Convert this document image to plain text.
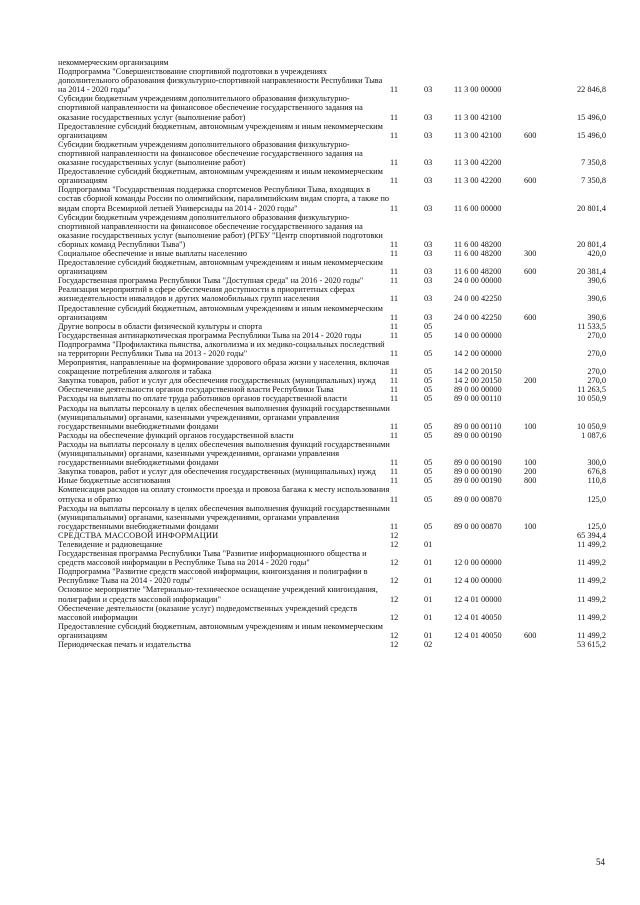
некоммерческим организациям					
Подпрограмма "Совершенствование спортивной подготовки в учреждениях дополнительного образования физкультурно-спортивной направленности Республики Тыва на 2014 - 2020 годы"	11	03	11 3 00 00000		22 846,8
Субсидии бюджетным учреждениям дополнительного образования физкультурно-спортивной направленности на финансовое обеспечение государственного задания на оказание государственных услуг (выполнение работ)	11	03	11 3 00 42100		15 496,0
Предоставление субсидий бюджетным, автономным учреждениям и иным некоммерческим организациям	11	03	11 3 00 42100	600	15 496,0
Субсидии бюджетным учреждениям дополнительного образования физкультурно-спортивной направленности на финансовое обеспечение государственного задания на оказание государственных услуг (выполнение работ)	11	03	11 3 00 42200		7 350,8
Предоставление субсидий бюджетным, автономным учреждениям и иным некоммерческим организациям	11	03	11 3 00 42200	600	7 350,8
Подпрограмма "Государственная поддержка спортсменов Республики Тыва, входящих в состав сборной команды России по олимпийским, паралимпийским видам спорта, а также по видам спорта Всемирной летней Универсиады на 2014 - 2020 годы"	11	03	11 6 00 00000		20 801,4
Субсидии бюджетным учреждениям дополнительного образования физкультурно-спортивной направленности на финансовое обеспечение государственного задания на оказание государственных услуг (выполнение работ) (РГБУ "Центр спортивной подготовки сборных команд Республики Тыва")	11	03	11 6 00 48200		20 801,4
Социальное обеспечение и иные выплаты населению	11	03	11 6 00 48200	300	420,0
Предоставление субсидий бюджетным, автономным учреждениям и иным некоммерческим организациям	11	03	11 6 00 48200	600	20 381,4
Государственная программа Республики Тыва "Доступная среда" на 2016 - 2020 годы"	11	03	24 0 00 00000		390,6
Реализация мероприятий в сфере обеспечения доступности в приоритетных сферах жизнедеятельности инвалидов и других маломобильных групп населения	11	03	24 0 00 42250		390,6
Предоставление субсидий бюджетным, автономным учреждениям и иным некоммерческим организациям	11	03	24 0 00 42250	600	390,6
Другие вопросы в области физической культуры и спорта	11	05			11 533,5
Государственная антинаркотическая программа Республики Тыва на 2014 - 2020 годы	11	05	14 0 00 00000		270,0
Подпрограмма "Профилактика пьянства, алкоголизма и их медико-социальных последствий на территории Республики Тыва на 2013 - 2020 годы"	11	05	14 2 00 00000		270,0
Мероприятия, направленные на формирование здорового образа жизни у населения, включая сокращение потребления алкоголя и табака	11	05	14 2 00 20150		270,0
Закупка товаров, работ и услуг для обеспечения государственных (муниципальных) нужд	11	05	14 2 00 20150	200	270,0
Обеспечение деятельности органов государственной власти Республики Тыва	11	05	89 0 00 00000		11 263,5
Расходы на выплаты по оплате труда работников органов государственной власти	11	05	89 0 00 00110		10 050,9
Расходы на выплаты персоналу в целях обеспечения выполнения функций государственными (муниципальными) органами, казенными учреждениями, органами управления государственными внебюджетными фондами	11	05	89 0 00 00110	100	10 050,9
Расходы на обеспечение функций органов государственной власти	11	05	89 0 00 00190		1 087,6
Расходы на выплаты персоналу в целях обеспечения выполнения функций государственными (муниципальными) органами, казенными учреждениями, органами управления государственными внебюджетными фондами	11	05	89 0 00 00190	100	300,0
Закупка товаров, работ и услуг для обеспечения государственных (муниципальных) нужд	11	05	89 0 00 00190	200	676,8
Иные бюджетные ассигнования	11	05	89 0 00 00190	800	110,8
Компенсация расходов на оплату стоимости проезда и провоза багажа к месту использования отпуска и обратно	11	05	89 0 00 00870		125,0
Расходы на выплаты персоналу в целях обеспечения выполнения функций государственными (муниципальными) органами, казенными учреждениями, органами управления государственными внебюджетными фондами	11	05	89 0 00 00870	100	125,0
СРЕДСТВА МАССОВОЙ ИНФОРМАЦИИ	12				65 394,4
Телевидение и радиовещание	12	01			11 499,2
Государственная программа Республики Тыва "Развитие информационного общества и средств массовой информации в Республике Тыва на 2014 - 2020 годы"	12	01	12 0 00 00000		11 499,2
Подпрограмма "Развитие средств массовой информации, книгоиздания и полиграфии в Республике Тыва на 2014 - 2020 годы"	12	01	12 4 00 00000		11 499,2
Основное мероприятие "Материально-техническое оснащение учреждений книгоиздания, полиграфии и средств массовой информации"	12	01	12 4 01 00000		11 499,2
Обеспечение деятельности (оказание услуг) подведомственных учреждений средств массовой информации	12	01	12 4 01 40050		11 499,2
Предоставление субсидий бюджетным, автономным учреждениям и иным некоммерческим организациям	12	01	12 4 01 40050	600	11 499,2
Периодическая печать и издательства	12	02			53 615,2
54
